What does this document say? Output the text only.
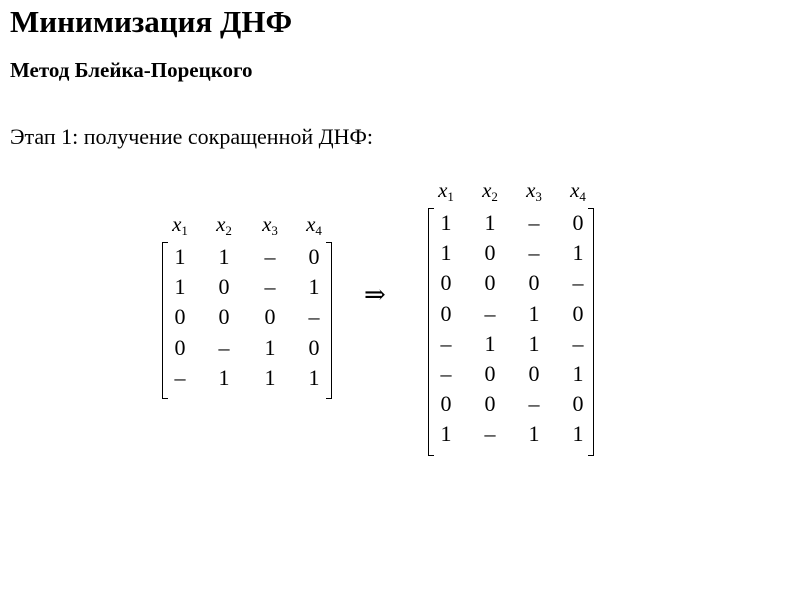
Минимизация ДНФ
Метод Блейка-Порецкого

Этап 1: получение сокращенной ДНФ:

$x_1$ $x_2$ $x_3$ $x_4$
1 1 – 0
1 0 – 1
0 0 0 –
0 – 1 0
– 1 1 1
⇒
$x_1$ $x_2$ $x_3$ $x_4$
1 1 – 0
1 0 – 1
0 0 0 –
0 – 1 0
– 1 1 –
– 0 0 1
0 0 – 0
1 – 1 1
